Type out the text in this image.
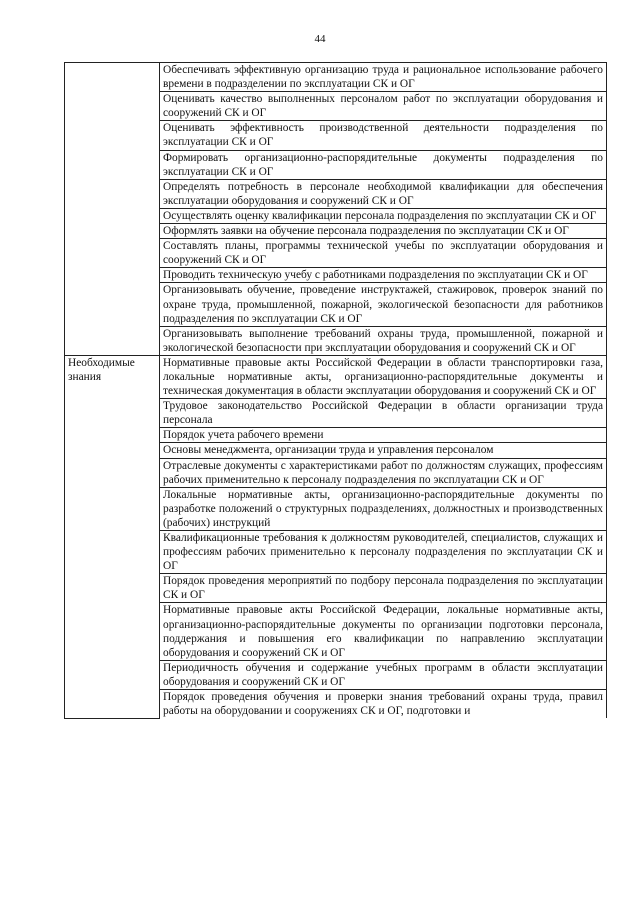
44
	Обеспечивать эффективную организацию труда и рациональное использование рабочего времени в подразделении по эксплуатации СК и ОГ
	Оценивать качество выполненных персоналом работ по эксплуатации оборудования и сооружений СК и ОГ
	Оценивать эффективность производственной деятельности подразделения по эксплуатации СК и ОГ
	Формировать организационно-распорядительные документы подразделения по эксплуатации СК и ОГ
	Определять потребность в персонале необходимой квалификации для обеспечения эксплуатации оборудования и сооружений СК и ОГ
	Осуществлять оценку квалификации персонала подразделения по эксплуатации СК и ОГ
	Оформлять заявки на обучение персонала подразделения по эксплуатации СК и ОГ
	Составлять планы, программы технической учебы по эксплуатации оборудования и сооружений СК и ОГ
	Проводить техническую учебу с работниками подразделения по эксплуатации СК и ОГ
	Организовывать обучение, проведение инструктажей, стажировок, проверок знаний по охране труда, промышленной, пожарной, экологической безопасности для работников подразделения по эксплуатации СК и ОГ
	Организовывать выполнение требований охраны труда, промышленной, пожарной и экологической безопасности при эксплуатации оборудования и сооружений СК и ОГ
Необходимые знания	Нормативные правовые акты Российской Федерации в области транспортировки газа, локальные нормативные акты, организационно-распорядительные документы и техническая документация в области эксплуатации оборудования и сооружений СК и ОГ
	Трудовое законодательство Российской Федерации в области организации труда персонала
	Порядок учета рабочего времени
	Основы менеджмента, организации труда и управления персоналом
	Отраслевые документы с характеристиками работ по должностям служащих, профессиям рабочих применительно к персоналу подразделения по эксплуатации СК и ОГ
	Локальные нормативные акты, организационно-распорядительные документы по разработке положений о структурных подразделениях, должностных и производственных (рабочих) инструкций
	Квалификационные требования к должностям руководителей, специалистов, служащих и профессиям рабочих применительно к персоналу подразделения по эксплуатации СК и ОГ
	Порядок проведения мероприятий по подбору персонала подразделения по эксплуатации СК и ОГ
	Нормативные правовые акты Российской Федерации, локальные нормативные акты, организационно-распорядительные документы по организации подготовки персонала, поддержания и повышения его квалификации по направлению эксплуатации оборудования и сооружений СК и ОГ
	Периодичность обучения и содержание учебных программ в области эксплуатации оборудования и сооружений СК и ОГ
	Порядок проведения обучения и проверки знания требований охраны труда, правил работы на оборудовании и сооружениях СК и ОГ, подготовки и
